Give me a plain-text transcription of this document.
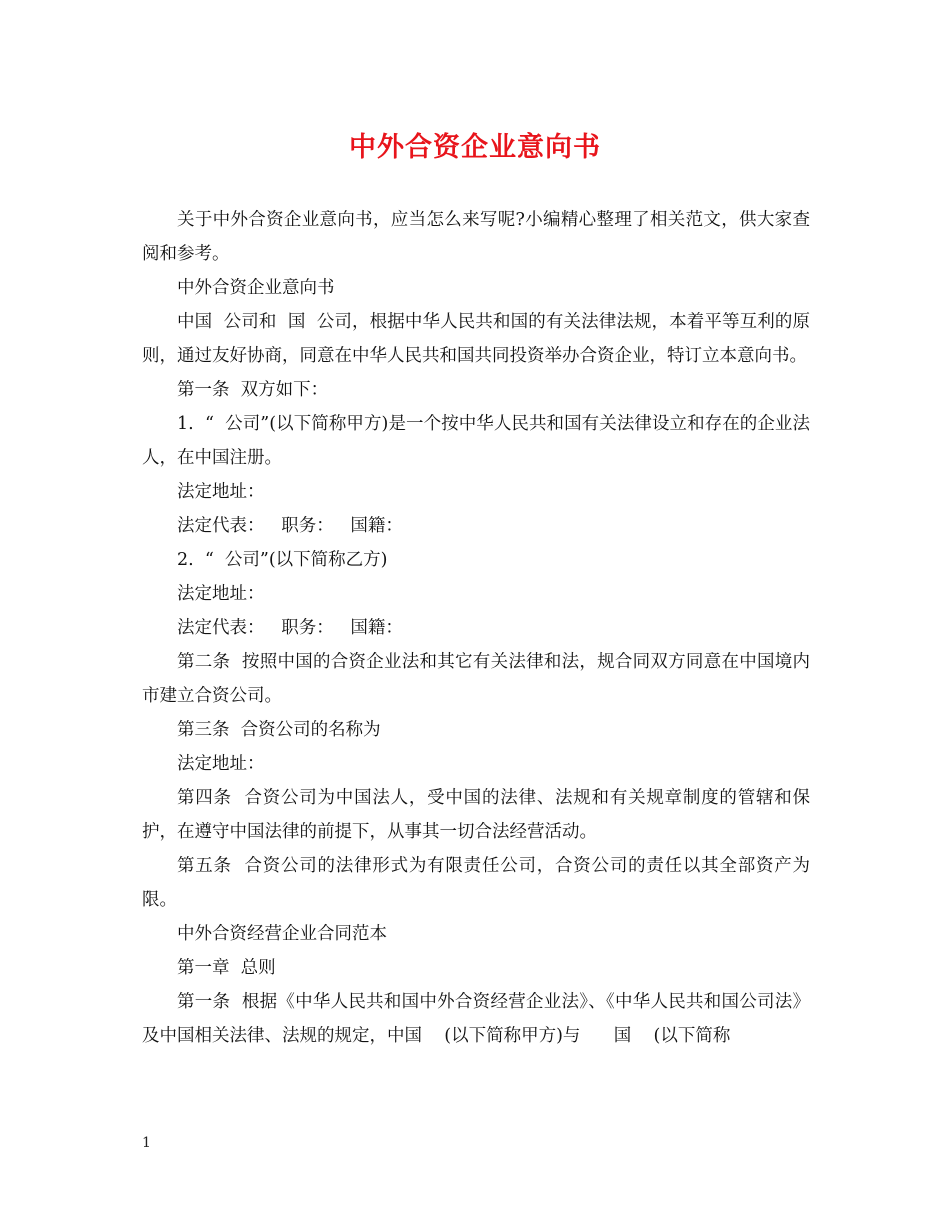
中外合资企业意向书

关于中外合资企业意向书，应当怎么来写呢?小编精心整理了相关范文，供大家查阅和参考。

中外合资企业意向书

中国  公司和  国  公司，根据中华人民共和国的有关法律法规，本着平等互利的原则，通过友好协商，同意在中华人民共和国共同投资举办合资企业，特订立本意向书。

第一条  双方如下：

1.  “  公司”(以下简称甲方)是一个按中华人民共和国有关法律设立和存在的企业法人，在中国注册。

法定地址：

法定代表：   职务：   国籍：

2.  “  公司”(以下简称乙方)

法定地址：

法定代表：   职务：   国籍：

第二条  按照中国的合资企业法和其它有关法律和法，规合同双方同意在中国境内  市建立合资公司。

第三条  合资公司的名称为

法定地址：

第四条  合资公司为中国法人，受中国的法律、法规和有关规章制度的管辖和保护，在遵守中国法律的前提下，从事其一切合法经营活动。

第五条  合资公司的法律形式为有限责任公司，合资公司的责任以其全部资产为限。

中外合资经营企业合同范本

第一章  总则

第一条  根据《中华人民共和国中外合资经营企业法》、《中华人民共和国公司法》及中国相关法律、法规的规定，中国    (以下简称甲方)与      国    (以下简称

1
